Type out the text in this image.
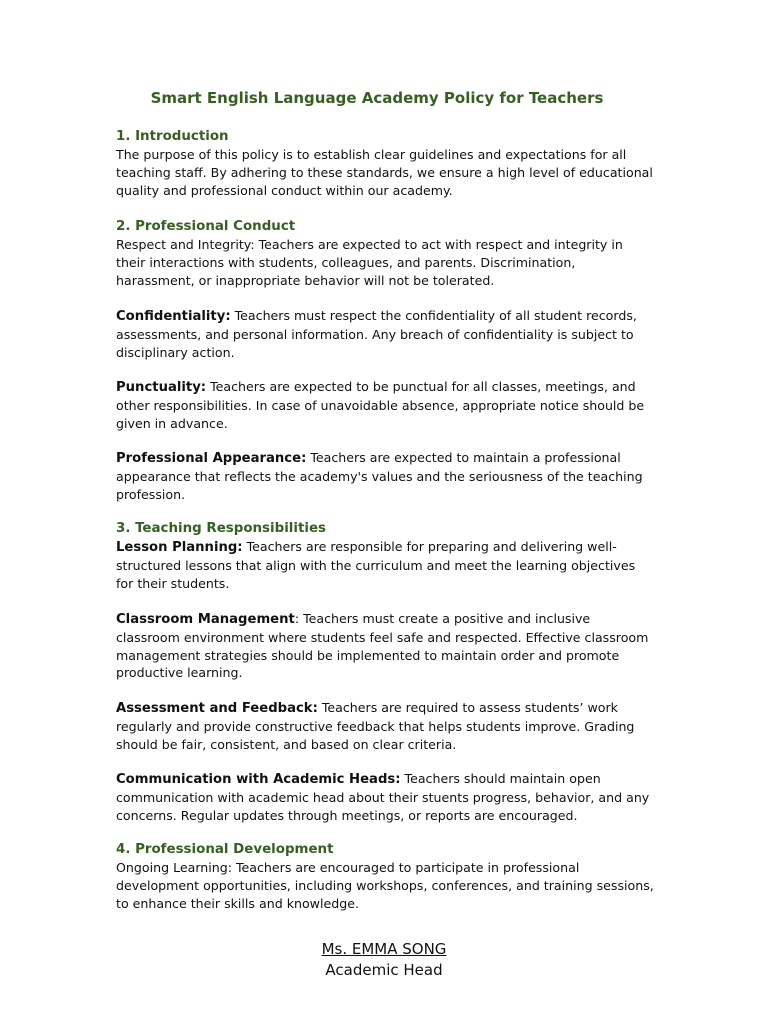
Smart English Language Academy Policy for Teachers
1. Introduction
The purpose of this policy is to establish clear guidelines and expectations for all teaching staff. By adhering to these standards, we ensure a high level of educational quality and professional conduct within our academy.
2. Professional Conduct
Respect and Integrity: Teachers are expected to act with respect and integrity in their interactions with students, colleagues, and parents. Discrimination, harassment, or inappropriate behavior will not be tolerated.
Confidentiality: Teachers must respect the confidentiality of all student records, assessments, and personal information. Any breach of confidentiality is subject to disciplinary action.
Punctuality: Teachers are expected to be punctual for all classes, meetings, and other responsibilities. In case of unavoidable absence, appropriate notice should be given in advance.
Professional Appearance: Teachers are expected to maintain a professional appearance that reflects the academy's values and the seriousness of the teaching profession.
3. Teaching Responsibilities
Lesson Planning: Teachers are responsible for preparing and delivering well-structured lessons that align with the curriculum and meet the learning objectives for their students.
Classroom Management: Teachers must create a positive and inclusive classroom environment where students feel safe and respected. Effective classroom management strategies should be implemented to maintain order and promote productive learning.
Assessment and Feedback: Teachers are required to assess students’ work regularly and provide constructive feedback that helps students improve. Grading should be fair, consistent, and based on clear criteria.
Communication with Academic Heads: Teachers should maintain open communication with academic head about their stuents progress, behavior, and any concerns. Regular updates through meetings, or reports are encouraged.
4. Professional Development
Ongoing Learning: Teachers are encouraged to participate in professional development opportunities, including workshops, conferences, and training sessions, to enhance their skills and knowledge.
Ms. EMMA SONG
Academic Head
